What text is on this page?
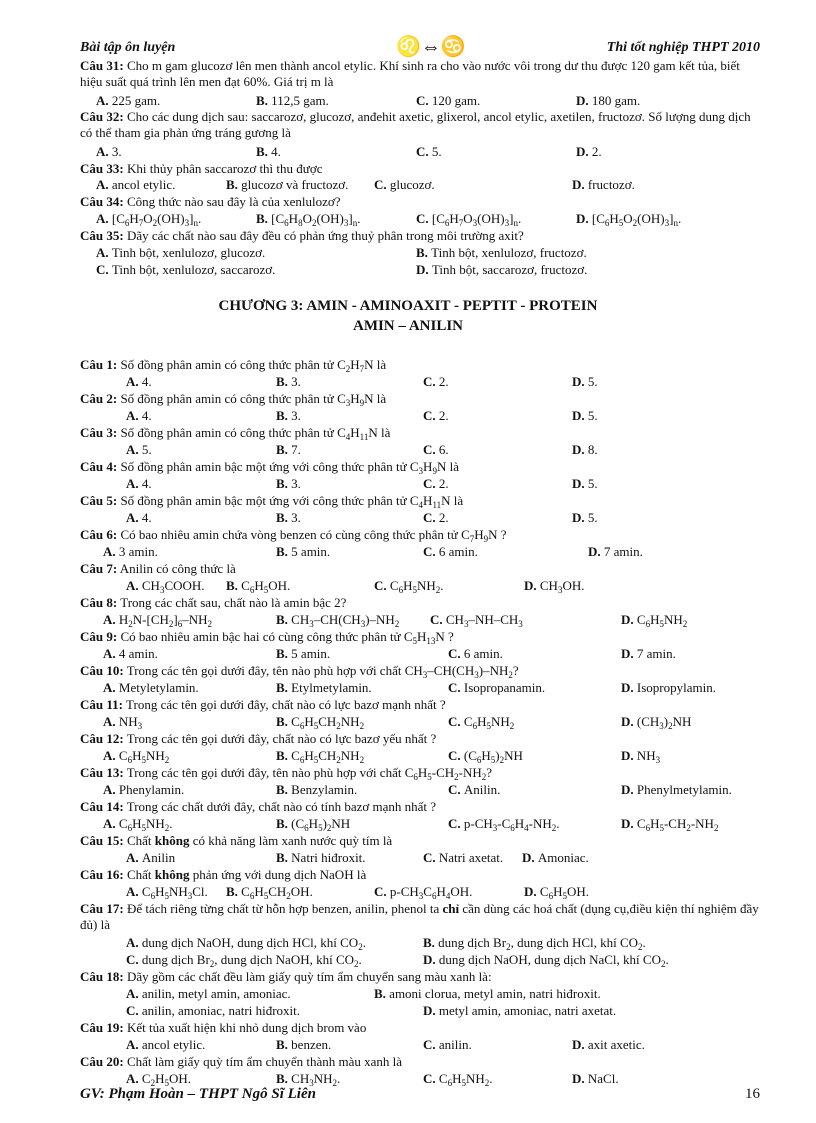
Bài tập ôn luyện	♌⇔♋	Thi tốt nghiệp THPT 2010
Câu 31: Cho m gam glucozơ lên men thành ancol etylic. Khí sinh ra cho vào nước vôi trong dư thu được 120 gam kết tủa, biết hiệu suất quá trình lên men đạt 60%. Giá trị m là
A. 225 gam.	B. 112,5 gam.	C. 120 gam.	D. 180 gam.
Câu 32: Cho các dung dịch sau: saccarozơ, glucozơ, anđehit axetic, glixerol, ancol etylic, axetilen, fructozơ. Số lượng dung dịch có thể tham gia phản ứng tráng gương là
A. 3.	B. 4.	C. 5.	D. 2.
Câu 33: Khi thủy phân saccarozơ thì thu được
A. ancol etylic.	B. glucozơ và fructozơ. C. glucozơ.	D. fructozơ.
Câu 34: Công thức nào sau đây là của xenlulozơ?
A. $[C_6H_7O_2(OH)_3]_n$.	B. $[C_6H_8O_2(OH)_3]_n$.	C. $[C_6H_7O_3(OH)_3]_n$.	D. $[C_6H_5O_2(OH)_3]_n$.
Câu 35: Dãy các chất nào sau đây đều có phản ứng thuỷ phân trong môi trường axit?
A. Tinh bột, xenlulozơ, glucozơ.	B. Tinh bột, xenlulozơ, fructozơ.
C. Tinh bột, xenlulozơ, saccarozơ.	D. Tinh bột, saccarozơ, fructozơ.
CHƯƠNG 3: AMIN - AMINOAXIT - PEPTIT - PROTEIN
AMIN – ANILIN
Câu 1: Số đồng phân amin có công thức phân tử $C_2H_7N$ là
A. 4.	B. 3.	C. 2.	D. 5.
Câu 2: Số đồng phân amin có công thức phân tử $C_3H_9N$ là
A. 4.	B. 3.	C. 2.	D. 5.
Câu 3: Số đồng phân amin có công thức phân tử $C_4H_{11}N$ là
A. 5.	B. 7.	C. 6.	D. 8.
Câu 4: Số đồng phân amin bậc một ứng với công thức phân tử $C_3H_9N$ là
A. 4.	B. 3.	C. 2.	D. 5.
Câu 5: Số đồng phân amin bậc một ứng với công thức phân tử $C_4H_{11}N$ là
A. 4.	B. 3.	C. 2.	D. 5.
Câu 6: Có bao nhiêu amin chứa vòng benzen có cùng công thức phân tử $C_7H_9N$ ?
A. 3 amin.	B. 5 amin.	C. 6 amin.	D. 7 amin.
Câu 7: Anilin có công thức là
A. $CH_3COOH$. B. $C_6H_5OH$.	C. $C_6H_5NH_2$.	D. $CH_3OH$.
Câu 8: Trong các chất sau, chất nào là amin bậc 2?
A. $H_2N-[CH_2]_6-NH_2$	B. $CH_3-CH(CH_3)-NH_2$ C. $CH_3-NH-CH_3$	D. $C_6H_5NH_2$
Câu 9: Có bao nhiêu amin bậc hai có cùng công thức phân tử $C_5H_{13}N$ ?
A. 4 amin.	B. 5 amin.	C. 6 amin.	D. 7 amin.
Câu 10: Trong các tên gọi dưới đây, tên nào phù hợp với chất $CH_3-CH(CH_3)-NH_2$?
A. Metyletylamin.	B. Etylmetylamin.	C. Isopropanamin.	D. Isopropylamin.
Câu 11: Trong các tên gọi dưới đây, chất nào có lực bazơ mạnh nhất ?
A. $NH_3$	B. $C_6H_5CH_2NH_2$	C. $C_6H_5NH_2$	D. $(CH_3)_2NH$
Câu 12: Trong các tên gọi dưới đây, chất nào có lực bazơ yếu nhất ?
A. $C_6H_5NH_2$	B. $C_6H_5CH_2NH_2$	C. $(C_6H_5)_2NH$	D. $NH_3$
Câu 13: Trong các tên gọi dưới đây, tên nào phù hợp với chất $C_6H_5-CH_2-NH_2$?
A. Phenylamin.	B. Benzylamin.	C. Anilin.	D. Phenylmetylamin.
Câu 14: Trong các chất dưới đây, chất nào có tính bazơ mạnh nhất ?
A. $C_6H_5NH_2$.	B. $(C_6H_5)_2NH$	C. $p-CH_3-C_6H_4-NH_2$.	D. $C_6H_5-CH_2-NH_2$
Câu 15: Chất không có khả năng làm xanh nước quỳ tím là
A. Anilin	B. Natri hiđroxit.	C. Natri axetat. D. Amoniac.
Câu 16: Chất không phản ứng với dung dịch NaOH là
A. $C_6H_5NH_3Cl$. B. $C_6H_5CH_2OH$.	C. $p-CH_3C_6H_4OH$.	D. $C_6H_5OH$.
Câu 17: Để tách riêng từng chất từ hỗn hợp benzen, anilin, phenol ta chỉ cần dùng các hoá chất (dụng cụ,điều kiện thí nghiệm đầy đủ) là
A. dung dịch NaOH, dung dịch HCl, khí $CO_2$.	B. dung dịch $Br_2$, dung dịch HCl, khí $CO_2$.
C. dung dịch $Br_2$, dung dịch NaOH, khí $CO_2$.	D. dung dịch NaOH, dung dịch NaCl, khí $CO_2$.
Câu 18: Dãy gồm các chất đều làm giấy quỳ tím ẩm chuyển sang màu xanh là:
A. anilin, metyl amin, amoniac.	B. amoni clorua, metyl amin, natri hiđroxit.
C. anilin, amoniac, natri hiđroxit.	D. metyl amin, amoniac, natri axetat.
Câu 19: Kết tủa xuất hiện khi nhỏ dung dịch brom vào
A. ancol etylic.	B. benzen.	C. anilin.	D. axit axetic.
Câu 20: Chất làm giấy quỳ tím ẩm chuyển thành màu xanh là
A. $C_2H_5OH$.	B. $CH_3NH_2$.	C. $C_6H_5NH_2$.	D. NaCl.
GV: Phạm Hoàn – THPT Ngô Sĩ Liên	16
